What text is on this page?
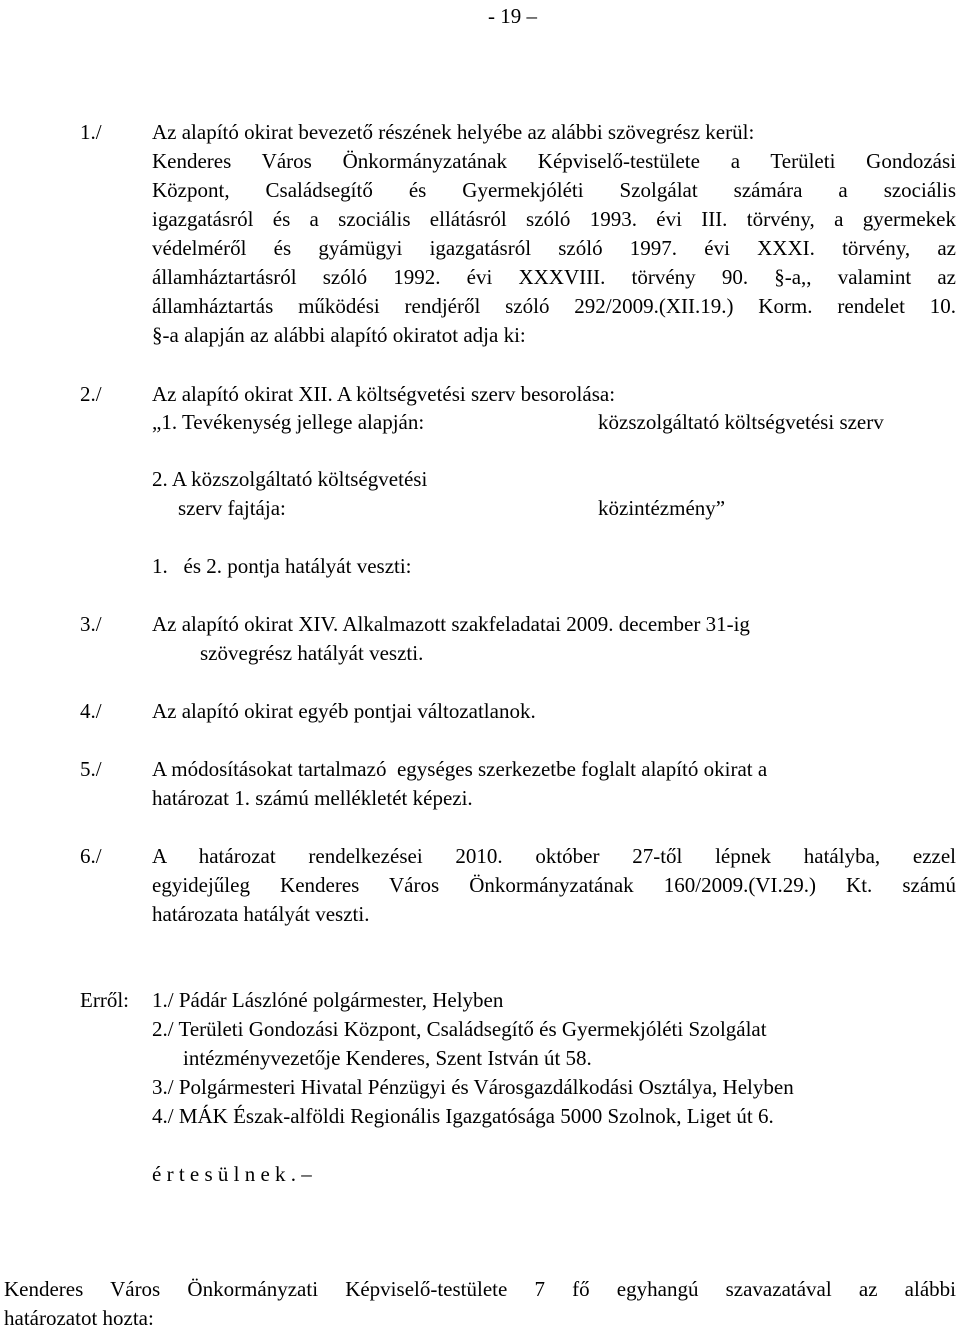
- 19 –
1./ Az alapító okirat bevezető részének helyébe az alábbi szövegrész kerül:
Kenderes Város Önkormányzatának Képviselő-testülete a Területi Gondozási
Központ, Családsegítő és Gyermekjóléti Szolgálat számára a szociális
igazgatásról és a szociális ellátásról szóló 1993. évi III. törvény, a gyermekek
védelméről és gyámügyi igazgatásról szóló 1997. évi XXXI. törvény, az
államháztartásról szóló 1992. évi XXXVIII. törvény 90. §-a,, valamint az
államháztartás működési rendjéről szóló 292/2009.(XII.19.) Korm. rendelet 10.
§-a alapján az alábbi alapító okiratot adja ki:
2./ Az alapító okirat XII. A költségvetési szerv besorolása:
„1. Tevékenység jellege alapján:	közszolgáltató költségvetési szerv
2. A közszolgáltató költségvetési
szerv fajtája:	közintézmény”
1.   és 2. pontja hatályát veszti:
3./ Az alapító okirat XIV. Alkalmazott szakfeladatai 2009. december 31-ig
szövegrész hatályát veszti.
4./ Az alapító okirat egyéb pontjai változatlanok.
5./ A módosításokat tartalmazó  egységes szerkezetbe foglalt alapító okirat a
határozat 1. számú mellékletét képezi.
6./ A határozat rendelkezései 2010. október 27-től lépnek hatályba, ezzel
egyidejűleg Kenderes Város Önkormányzatának 160/2009.(VI.29.) Kt. számú
határozata hatályát veszti.
Erről: 1./ Pádár Lászlóné polgármester, Helyben
2./ Területi Gondozási Központ, Családsegítő és Gyermekjóléti Szolgálat
intézményvezetője Kenderes, Szent István út 58.
3./ Polgármesteri Hivatal Pénzügyi és Városgazdálkodási Osztálya, Helyben
4./ MÁK Észak-alföldi Regionális Igazgatósága 5000 Szolnok, Liget út 6.
é r t e s ü l n e k . –
Kenderes Város Önkormányzati Képviselő-testülete 7 fő egyhangú szavazatával az alábbi
határozatot hozta:
